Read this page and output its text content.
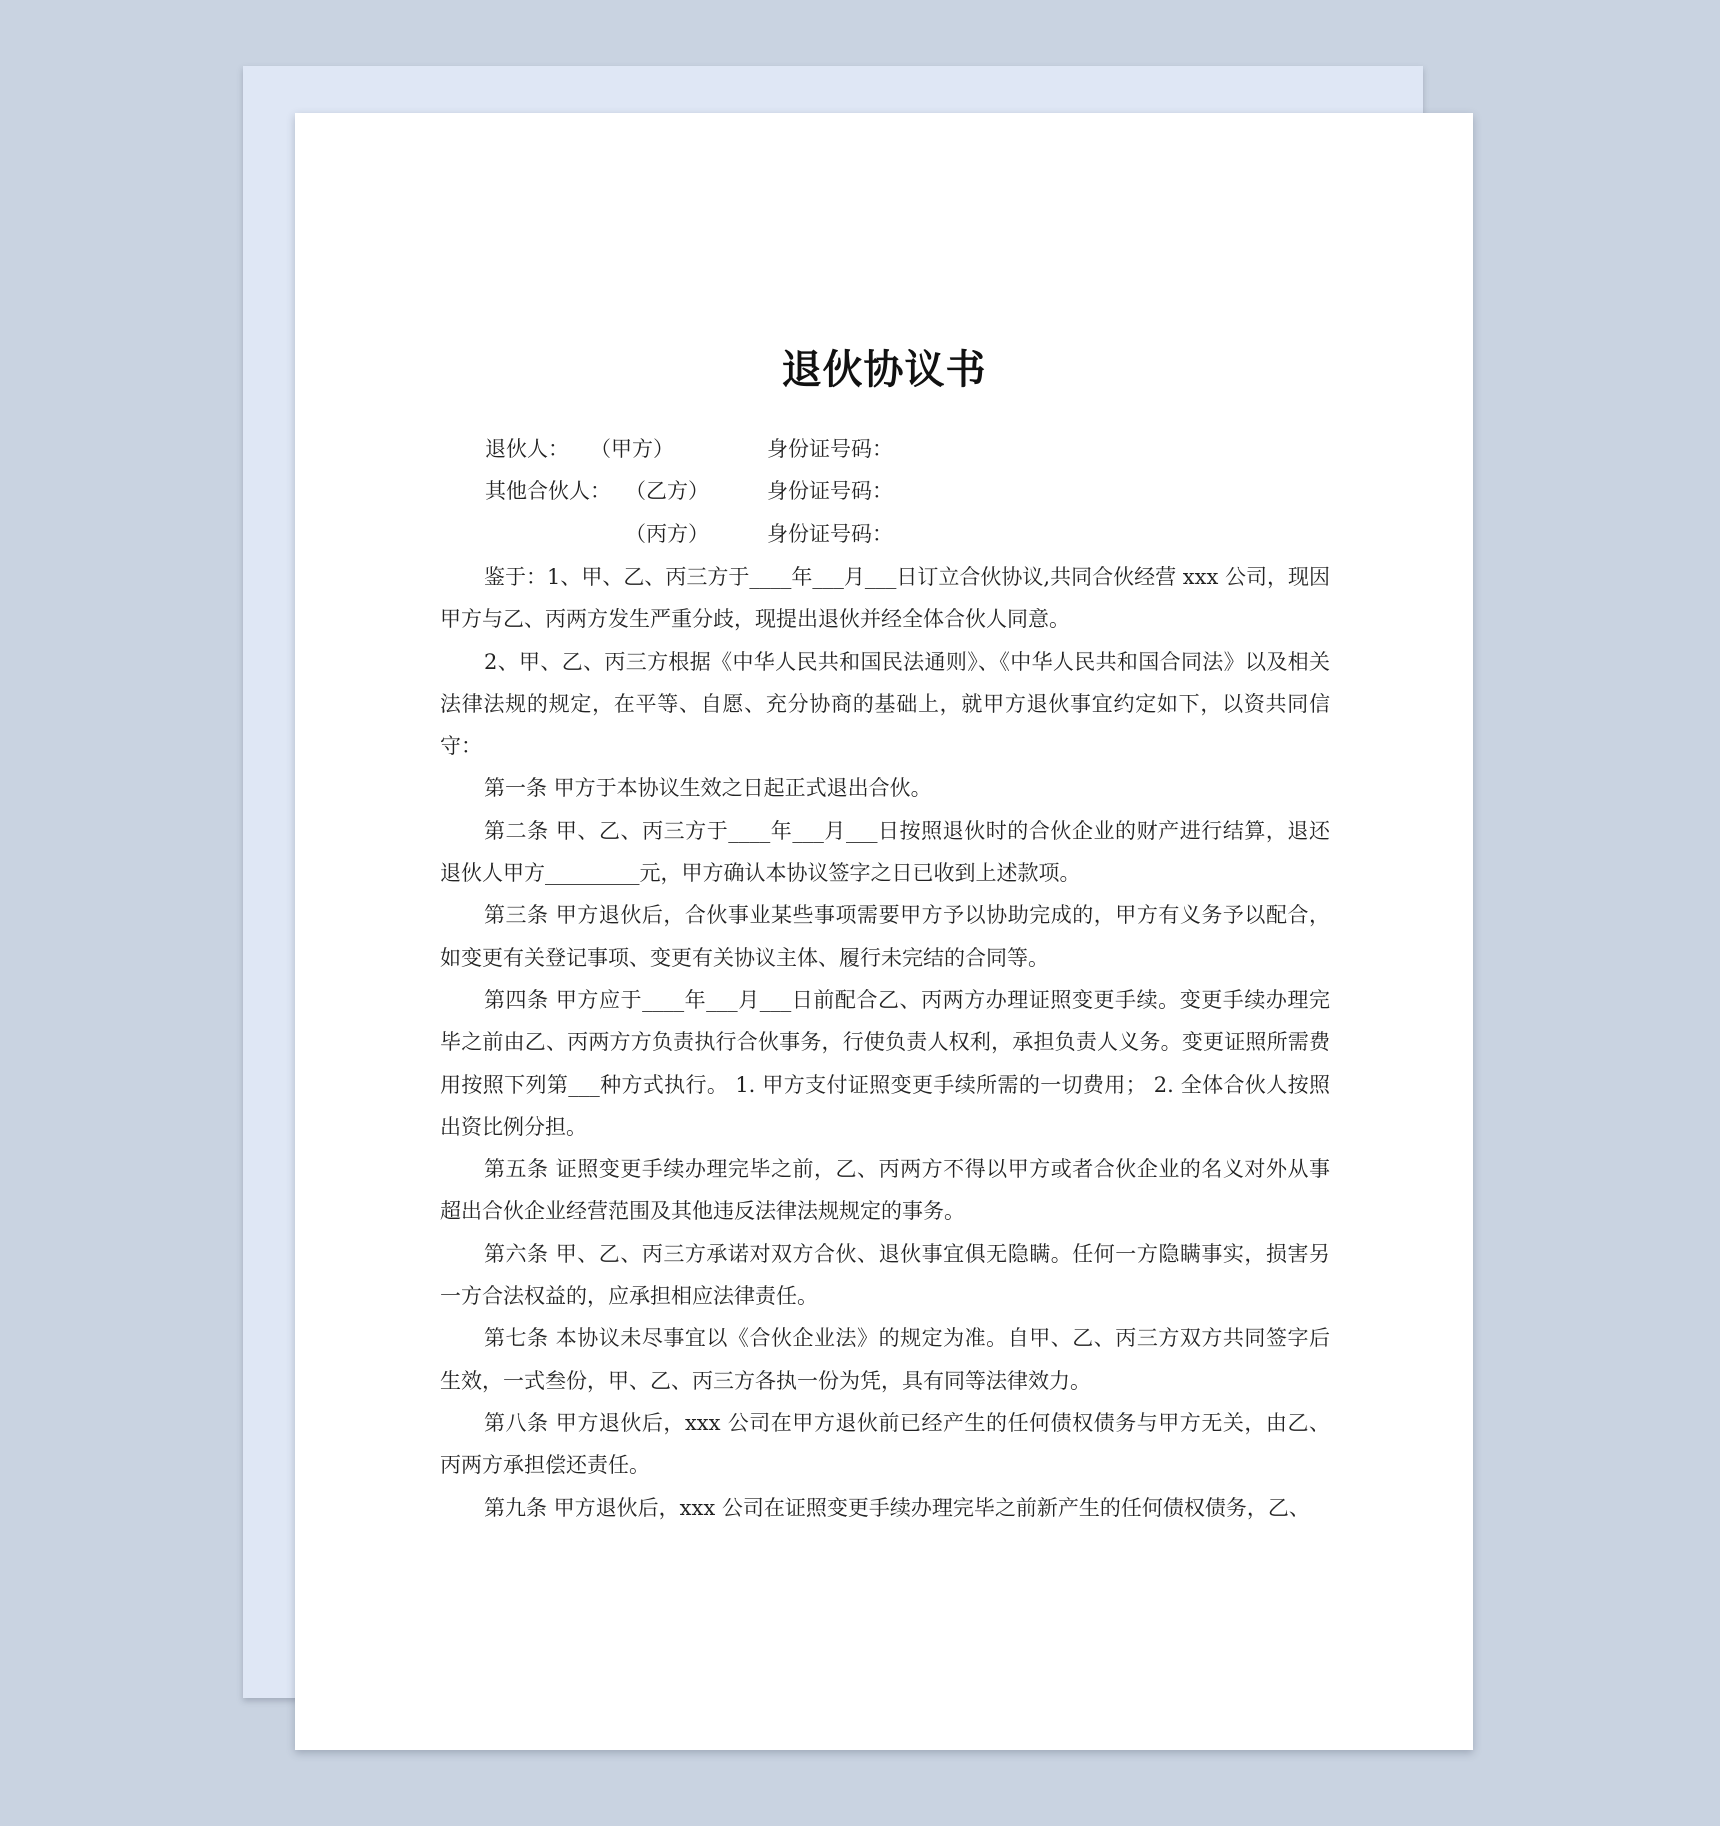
退伙协议书
退伙人： （甲方）	身份证号码：
其他合伙人： （乙方）	身份证号码：
（丙方）	身份证号码：

鉴于：1、甲、乙、丙三方于____年___月___日订立合伙协议,共同合伙经营 xxx 公司，现因甲方与乙、丙两方发生严重分歧，现提出退伙并经全体合伙人同意。

2、甲、乙、丙三方根据《中华人民共和国民法通则》、《中华人民共和国合同法》以及相关法律法规的规定，在平等、自愿、充分协商的基础上，就甲方退伙事宜约定如下，以资共同信守：

第一条 甲方于本协议生效之日起正式退出合伙。

第二条 甲、乙、丙三方于____年___月___日按照退伙时的合伙企业的财产进行结算，退还退伙人甲方_________元，甲方确认本协议签字之日已收到上述款项。

第三条 甲方退伙后，合伙事业某些事项需要甲方予以协助完成的，甲方有义务予以配合，如变更有关登记事项、变更有关协议主体、履行未完结的合同等。

第四条 甲方应于____年___月___日前配合乙、丙两方办理证照变更手续。变更手续办理完毕之前由乙、丙两方方负责执行合伙事务，行使负责人权利，承担负责人义务。变更证照所需费用按照下列第___种方式执行。 1. 甲方支付证照变更手续所需的一切费用； 2. 全体合伙人按照出资比例分担。

第五条 证照变更手续办理完毕之前，乙、丙两方不得以甲方或者合伙企业的名义对外从事超出合伙企业经营范围及其他违反法律法规规定的事务。

第六条 甲、乙、丙三方承诺对双方合伙、退伙事宜俱无隐瞒。任何一方隐瞒事实，损害另一方合法权益的，应承担相应法律责任。

第七条 本协议未尽事宜以《合伙企业法》的规定为准。自甲、乙、丙三方双方共同签字后生效，一式叁份，甲、乙、丙三方各执一份为凭，具有同等法律效力。

第八条 甲方退伙后，xxx 公司在甲方退伙前已经产生的任何债权债务与甲方无关，由乙、丙两方承担偿还责任。

第九条 甲方退伙后，xxx 公司在证照变更手续办理完毕之前新产生的任何债权债务，乙、
